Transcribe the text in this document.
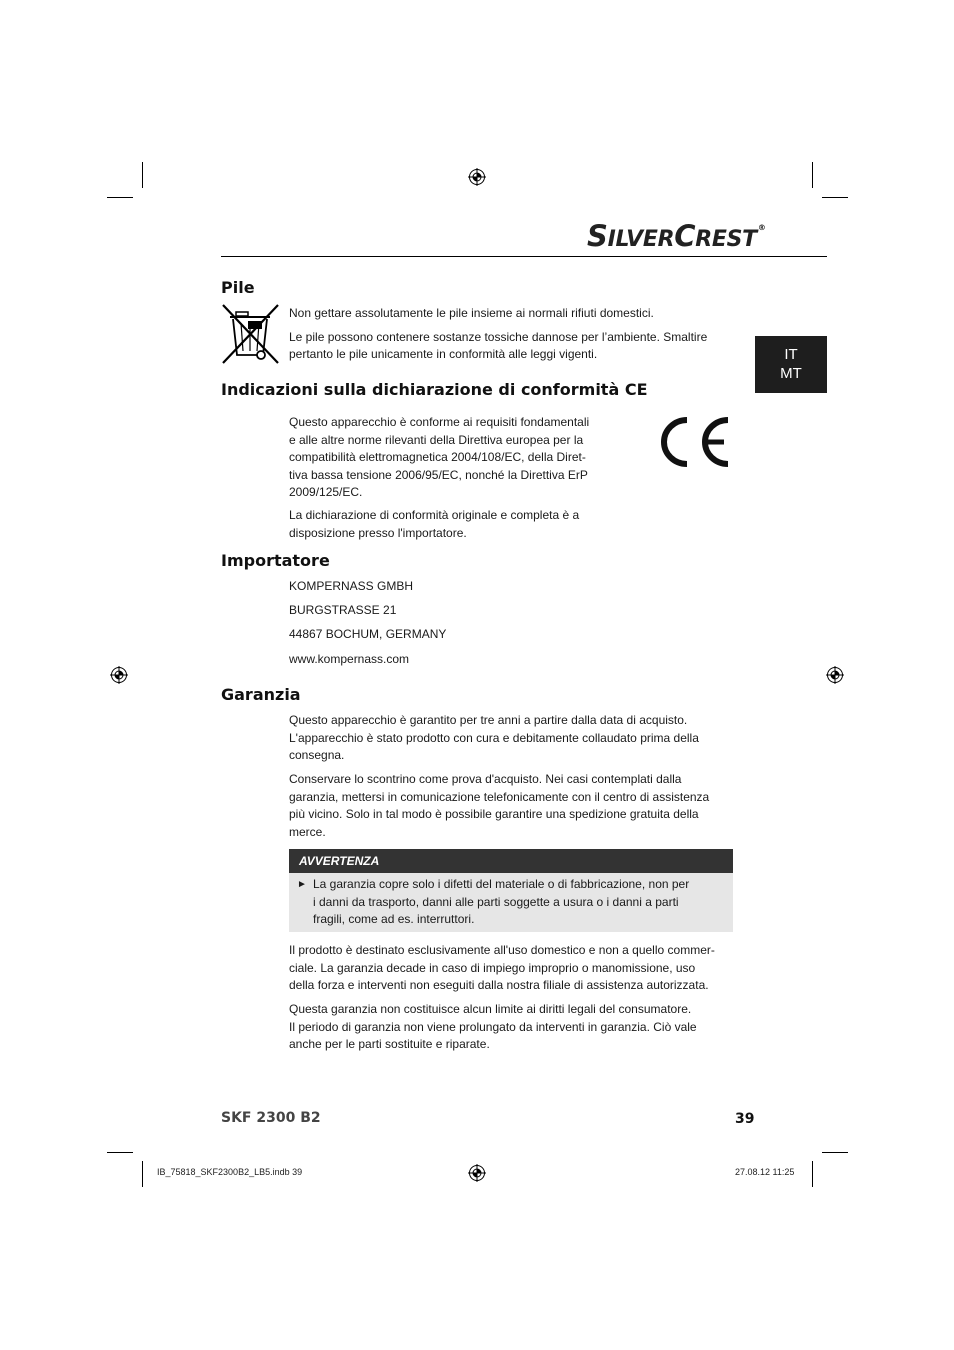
SILVERCREST®
IT
MT
Pile

Non gettare assolutamente le pile insieme ai normali rifiuti domestici.

Le pile possono contenere sostanze tossiche dannose per l’ambiente. Smaltire

pertanto le pile unicamente in conformità alle leggi vigenti.

Indicazioni sulla dichiarazione di conformità CE
Questo apparecchio è conforme ai requisiti fondamentali
e alle altre norme rilevanti della Direttiva europea per la
compatibilità elettromagnetica 2004/108/EC, della Diret-
tiva bassa tensione 2006/95/EC, nonché la Direttiva ErP
2009/125/EC.
La dichiarazione di conformità originale e completa è a
disposizione presso l'importatore.
Importatore

KOMPERNASS GMBH

BURGSTRASSE 21

44867 BOCHUM, GERMANY

www.kompernass.com

Garanzia
Questo apparecchio è garantito per tre anni a partire dalla data di acquisto.
L'apparecchio è stato prodotto con cura e debitamente collaudato prima della
consegna.
Conservare lo scontrino come prova d'acquisto. Nei casi contemplati dalla
garanzia, mettersi in comunicazione telefonicamente con il centro di assistenza
più vicino. Solo in tal modo è possibile garantire una spedizione gratuita della
merce.
AVVERTENZA
► La garanzia copre solo i difetti del materiale o di fabbricazione, non per
i danni da trasporto, danni alle parti soggette a usura o i danni a parti
fragili, come ad es. interruttori.
Il prodotto è destinato esclusivamente all'uso domestico e non a quello commer-
ciale. La garanzia decade in caso di impiego improprio o manomissione, uso
della forza e interventi non eseguiti dalla nostra filiale di assistenza autorizzata.
Questa garanzia non costituisce alcun limite ai diritti legali del consumatore.
Il periodo di garanzia non viene prolungato da interventi in garanzia. Ciò vale
anche per le parti sostituite e riparate.
SKF 2300 B2	39
IB_75818_SKF2300B2_LB5.indb 39	27.08.12 11:25
